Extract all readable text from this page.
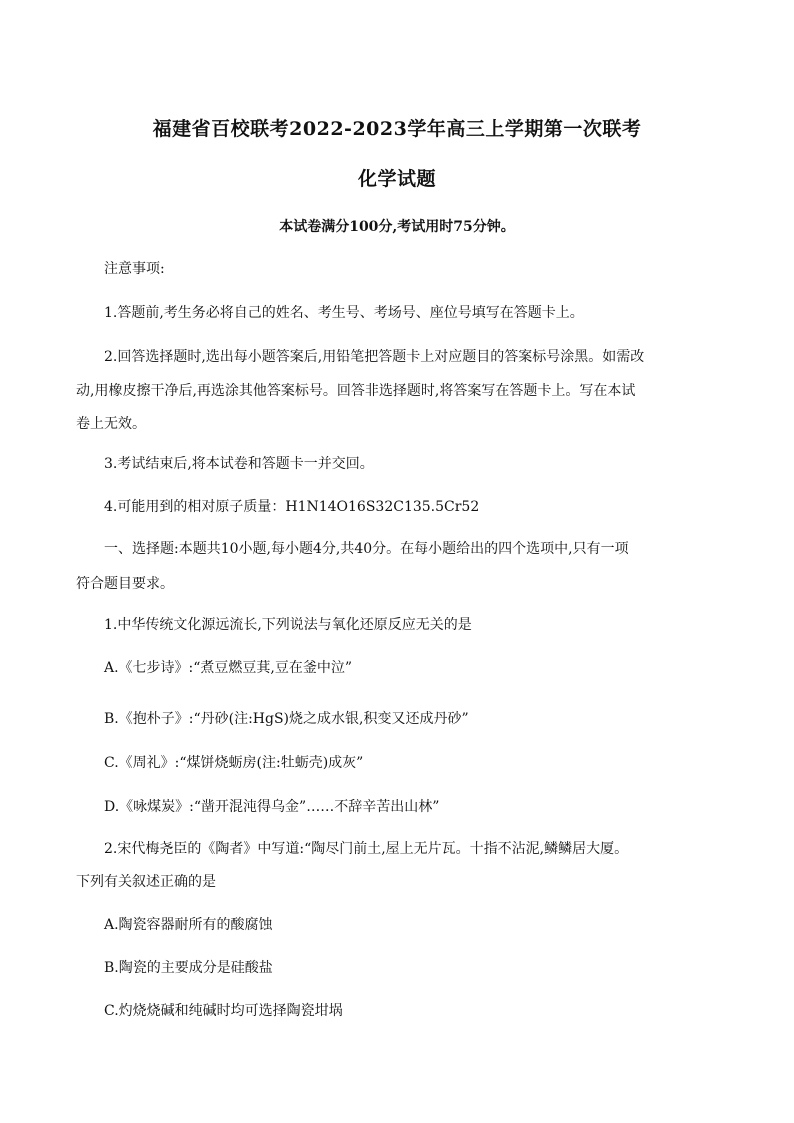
福建省百校联考2022-2023学年高三上学期第一次联考
化学试题
本试卷满分100分,考试用时75分钟。
注意事项:
1.答题前,考生务必将自己的姓名、考生号、考场号、座位号填写在答题卡上。
2.回答选择题时,选出每小题答案后,用铅笔把答题卡上对应题目的答案标号涂黑。如需改
动,用橡皮擦干净后,再选涂其他答案标号。回答非选择题时,将答案写在答题卡上。写在本试
卷上无效。
3.考试结束后,将本试卷和答题卡一并交回。
4.可能用到的相对原子质量：H1N14O16S32C135.5Cr52
一、选择题:本题共10小题,每小题4分,共40分。在每小题给出的四个选项中,只有一项
符合题目要求。
1.中华传统文化源远流长,下列说法与氧化还原反应无关的是
A.《七步诗》:“煮豆燃豆萁,豆在釜中泣”
B.《抱朴子》:“丹砂(注:HgS)烧之成水银,积变又还成丹砂”
C.《周礼》:“煤饼烧蛎房(注:牡蛎壳)成灰”
D.《咏煤炭》:“凿开混沌得乌金”……不辞辛苦出山林”
2.宋代梅尧臣的《陶者》中写道:“陶尽门前土,屋上无片瓦。十指不沾泥,鳞鳞居大厦。
下列有关叙述正确的是
A.陶瓷容器耐所有的酸腐蚀
B.陶瓷的主要成分是硅酸盐
C.灼烧烧碱和纯碱时均可选择陶瓷坩埚
